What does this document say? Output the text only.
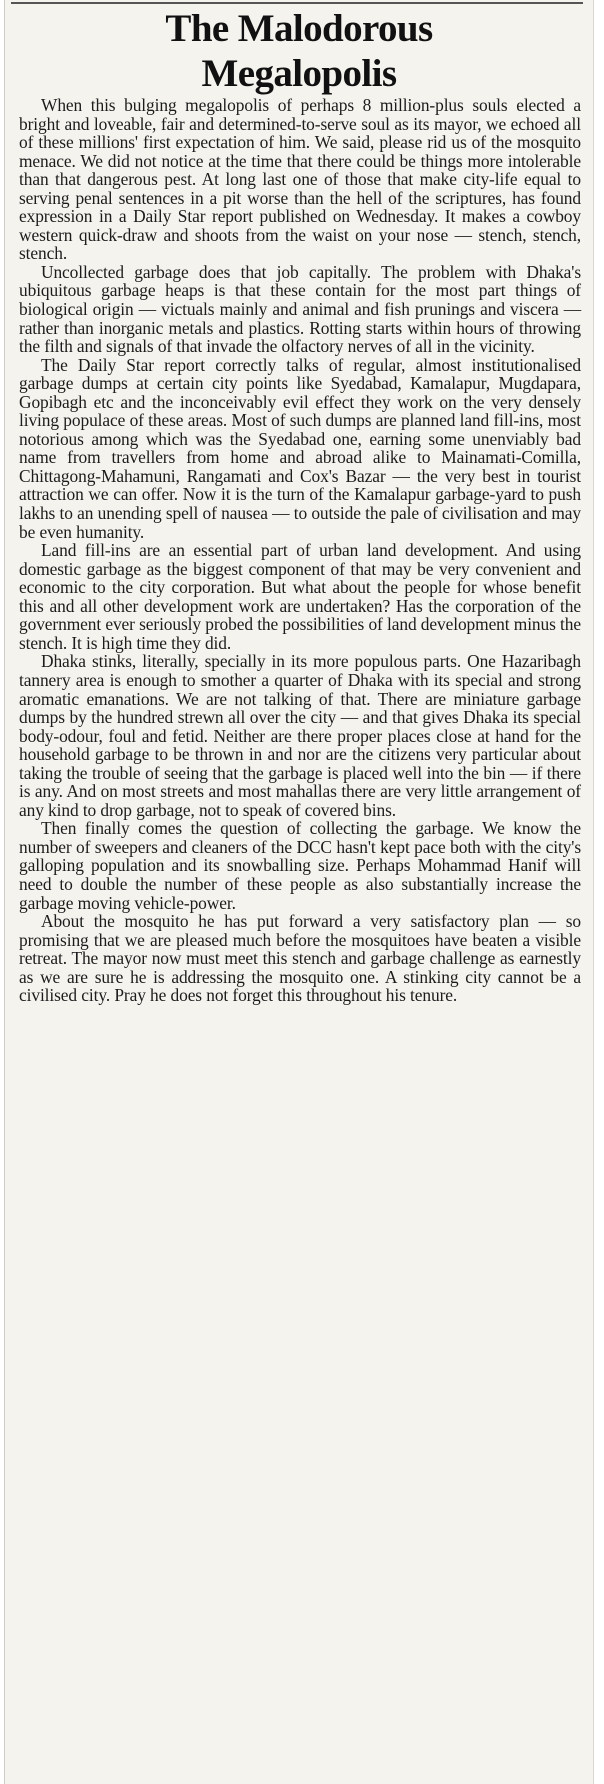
The Malodorous
Megalopolis

When this bulging megalopolis of perhaps 8 million-plus souls elected a bright and loveable, fair and determined-to-serve soul as its mayor, we echoed all of these millions' first expectation of him. We said, please rid us of the mosquito menace. We did not notice at the time that there could be things more intolerable than that dangerous pest. At long last one of those that make city-life equal to serving penal sentences in a pit worse than the hell of the scriptures, has found expression in a Daily Star report published on Wednesday. It makes a cowboy western quick-draw and shoots from the waist on your nose — stench, stench, stench.

Uncollected garbage does that job capitally. The problem with Dhaka's ubiquitous garbage heaps is that these contain for the most part things of biological origin — victuals mainly and animal and fish prunings and viscera — rather than inorganic metals and plastics. Rotting starts within hours of throwing the filth and signals of that invade the olfactory nerves of all in the vicinity.

The Daily Star report correctly talks of regular, almost institutionalised garbage dumps at certain city points like Syedabad, Kamalapur, Mugdapara, Gopibagh etc and the inconceivably evil effect they work on the very densely living populace of these areas. Most of such dumps are planned land fill-ins, most notorious among which was the Syedabad one, earning some unenviably bad name from travellers from home and abroad alike to Mainamati-Comilla, Chittagong-Mahamuni, Rangamati and Cox's Bazar — the very best in tourist attraction we can offer. Now it is the turn of the Kamalapur garbage-yard to push lakhs to an unending spell of nausea — to outside the pale of civilisation and may be even humanity.

Land fill-ins are an essential part of urban land development. And using domestic garbage as the biggest component of that may be very convenient and economic to the city corporation. But what about the people for whose benefit this and all other development work are undertaken? Has the corporation of the government ever seriously probed the possibilities of land development minus the stench. It is high time they did.

Dhaka stinks, literally, specially in its more populous parts. One Hazaribagh tannery area is enough to smother a quarter of Dhaka with its special and strong aromatic emanations. We are not talking of that. There are miniature garbage dumps by the hundred strewn all over the city — and that gives Dhaka its special body-odour, foul and fetid. Neither are there proper places close at hand for the household garbage to be thrown in and nor are the citizens very particular about taking the trouble of seeing that the garbage is placed well into the bin — if there is any. And on most streets and most mahallas there are very little arrangement of any kind to drop garbage, not to speak of covered bins.

Then finally comes the question of collecting the garbage. We know the number of sweepers and cleaners of the DCC hasn't kept pace both with the city's galloping population and its snowballing size. Perhaps Mohammad Hanif will need to double the number of these people as also substantially increase the garbage moving vehicle-power.

About the mosquito he has put forward a very satisfactory plan — so promising that we are pleased much before the mosquitoes have beaten a visible retreat. The mayor now must meet this stench and garbage challenge as earnestly as we are sure he is addressing the mosquito one. A stinking city cannot be a civilised city. Pray he does not forget this throughout his tenure.
